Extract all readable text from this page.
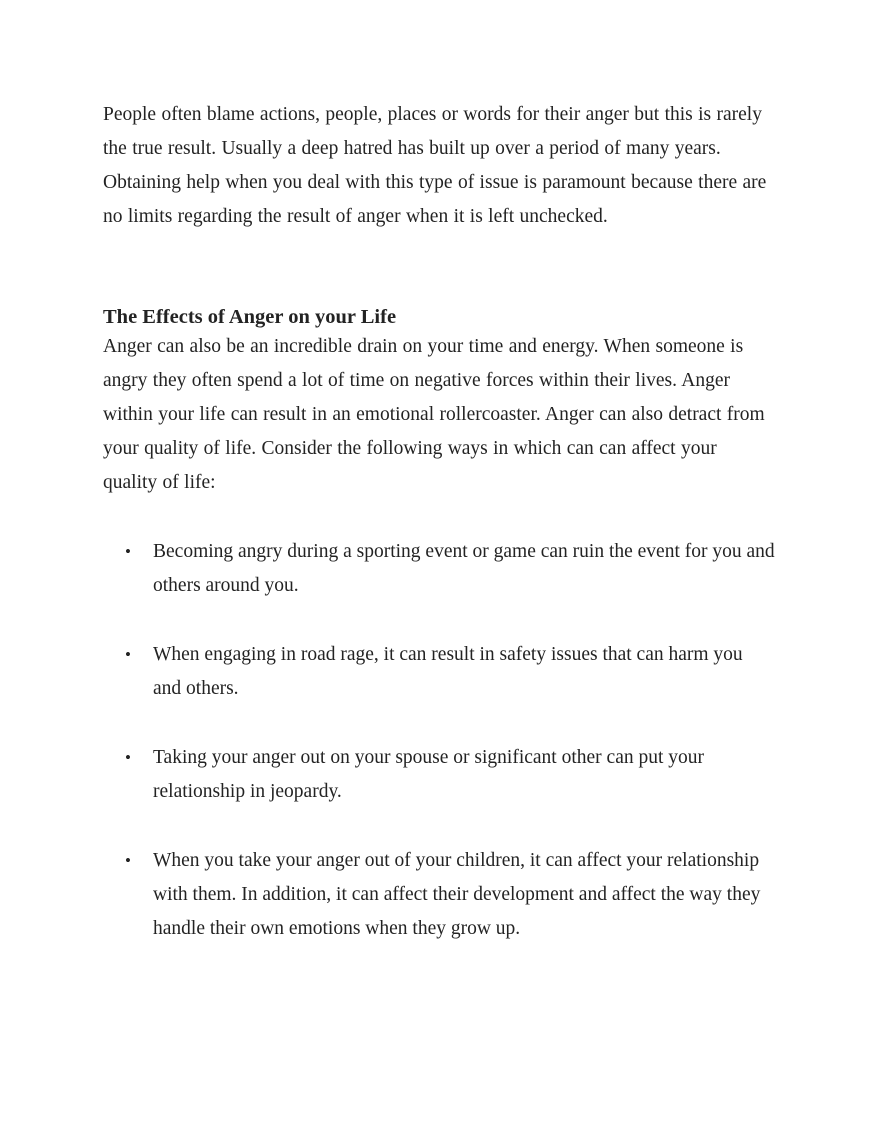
People often blame actions, people, places or words for their anger but this is rarely the true result. Usually a deep hatred has built up over a period of many years. Obtaining help when you deal with this type of issue is paramount because there are no limits regarding the result of anger when it is left unchecked.

The Effects of Anger on your Life

Anger can also be an incredible drain on your time and energy. When someone is angry they often spend a lot of time on negative forces within their lives. Anger within your life can result in an emotional rollercoaster. Anger can also detract from your quality of life. Consider the following ways in which can can affect your quality of life:

• Becoming angry during a sporting event or game can ruin the event for you and others around you.
• When engaging in road rage, it can result in safety issues that can harm you and others.
• Taking your anger out on your spouse or significant other can put your relationship in jeopardy.
• When you take your anger out of your children, it can affect your relationship with them. In addition, it can affect their development and affect the way they handle their own emotions when they grow up.
